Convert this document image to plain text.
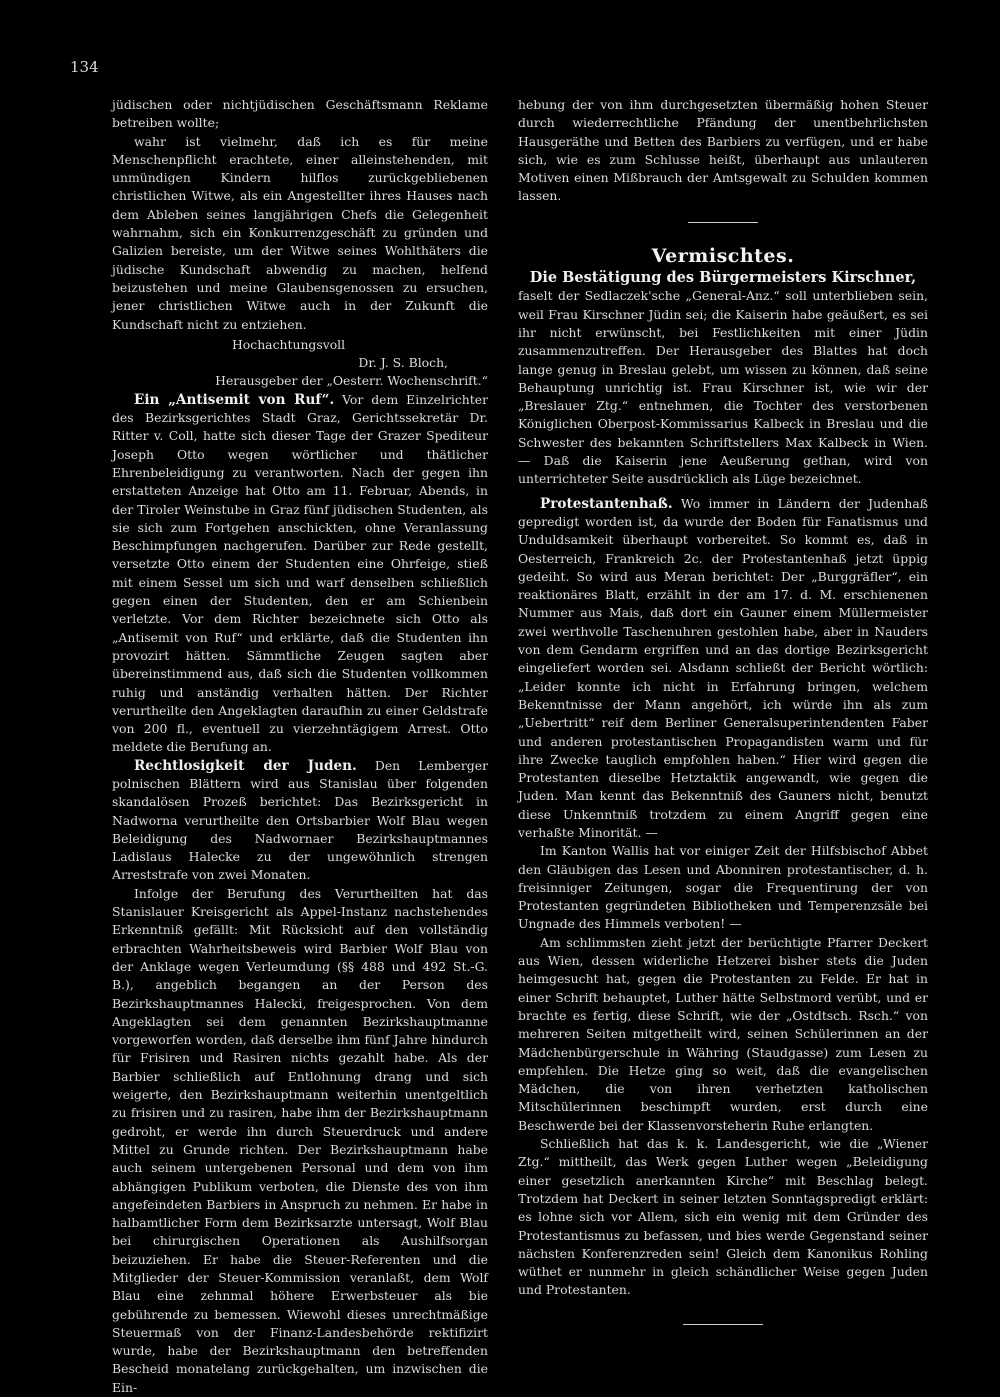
134

jüdischen oder nichtjüdischen Geschäftsmann Reklame betreiben wollte;

wahr ist vielmehr, daß ich es für meine Menschenpflicht erachtete, einer alleinstehenden, mit unmündigen Kindern hilflos zurückgebliebenen christlichen Witwe, als ein Angestellter ihres Hauses nach dem Ableben seines langjährigen Chefs die Gelegenheit wahrnahm, sich ein Konkurrenzgeschäft zu gründen und Galizien bereiste, um der Witwe seines Wohlthäters die jüdische Kundschaft abwendig zu machen, helfend beizustehen und meine Glaubensgenossen zu ersuchen, jener christlichen Witwe auch in der Zukunft die Kundschaft nicht zu entziehen.

Hochachtungsvoll
Dr. J. S. Bloch,
Herausgeber der „Oesterr. Wochenschrift.“

Ein „Antisemit von Ruf“. Vor dem Einzelrichter des Bezirksgerichtes Stadt Graz, Gerichtssekretär Dr. Ritter v. Coll, hatte sich dieser Tage der Grazer Spediteur Joseph Otto wegen wörtlicher und thätlicher Ehrenbeleidigung zu verantworten. Nach der gegen ihn erstatteten Anzeige hat Otto am 11. Februar, Abends, in der Tiroler Weinstube in Graz fünf jüdischen Studenten, als sie sich zum Fortgehen anschickten, ohne Veranlassung Beschimpfungen nachgerufen. Darüber zur Rede gestellt, versetzte Otto einem der Studenten eine Ohrfeige, stieß mit einem Sessel um sich und warf denselben schließlich gegen einen der Studenten, den er am Schienbein verletzte. Vor dem Richter bezeichnete sich Otto als „Antisemit von Ruf“ und erklärte, daß die Studenten ihn provozirt hätten. Sämmtliche Zeugen sagten aber übereinstimmend aus, daß sich die Studenten vollkommen ruhig und anständig verhalten hätten. Der Richter verurtheilte den Angeklagten daraufhin zu einer Geldstrafe von 200 fl., eventuell zu vierzehntägigem Arrest. Otto meldete die Berufung an.

Rechtlosigkeit der Juden. Den Lemberger polnischen Blättern wird aus Stanislau über folgenden skandalösen Prozeß berichtet: Das Bezirksgericht in Nadworna verurtheilte den Ortsbarbier Wolf Blau wegen Beleidigung des Nadwornaer Bezirkshauptmannes Ladislaus Halecke zu der ungewöhnlich strengen Arreststrafe von zwei Monaten.

Infolge der Berufung des Verurtheilten hat das Stanislauer Kreisgericht als Appel-Instanz nachstehendes Erkenntniß gefällt: Mit Rücksicht auf den vollständig erbrachten Wahrheitsbeweis wird Barbier Wolf Blau von der Anklage wegen Verleumdung (§§ 488 und 492 St.-G. B.), angeblich begangen an der Person des Bezirkshauptmannes Halecki, freigesprochen. Von dem Angeklagten sei dem genannten Bezirkshauptmanne vorgeworfen worden, daß derselbe ihm fünf Jahre hindurch für Frisiren und Rasiren nichts gezahlt habe. Als der Barbier schließlich auf Entlohnung drang und sich weigerte, den Bezirkshauptmann weiterhin unentgeltlich zu frisiren und zu rasiren, habe ihm der Bezirkshauptmann gedroht, er werde ihn durch Steuerdruck und andere Mittel zu Grunde richten. Der Bezirkshauptmann habe auch seinem untergebenen Personal und dem von ihm abhängigen Publikum verboten, die Dienste des von ihm angefeindeten Barbiers in Anspruch zu nehmen. Er habe in halbamtlicher Form dem Bezirksarzte untersagt, Wolf Blau bei chirurgischen Operationen als Aushilfsorgan beizuziehen. Er habe die Steuer-Referenten und die Mitglieder der Steuer-Kommission veranlaßt, dem Wolf Blau eine zehnmal höhere Erwerbsteuer als bie gebührende zu bemessen. Wiewohl dieses unrechtmäßige Steuermaß von der Finanz-Landesbehörde rektifizirt wurde, habe der Bezirkshauptmann den betreffenden Bescheid monatelang zurückgehalten, um inzwischen die Ein-

hebung der von ihm durchgesetzten übermäßig hohen Steuer durch wiederrechtliche Pfändung der unentbehrlichsten Hausgeräthe und Betten des Barbiers zu verfügen, und er habe sich, wie es zum Schlusse heißt, überhaupt aus unlauteren Motiven einen Mißbrauch der Amtsgewalt zu Schulden kommen lassen.

Vermischtes.
Die Bestätigung des Bürgermeisters Kirschner,

faselt der Sedlaczek'sche „General-Anz.“ soll unterblieben sein, weil Frau Kirschner Jüdin sei; die Kaiserin habe geäußert, es sei ihr nicht erwünscht, bei Festlichkeiten mit einer Jüdin zusammenzutreffen. Der Herausgeber des Blattes hat doch lange genug in Breslau gelebt, um wissen zu können, daß seine Behauptung unrichtig ist. Frau Kirschner ist, wie wir der „Breslauer Ztg.“ entnehmen, die Tochter des verstorbenen Königlichen Oberpost-Kommissarius Kalbeck in Breslau und die Schwester des bekannten Schriftstellers Max Kalbeck in Wien. — Daß die Kaiserin jene Aeußerung gethan, wird von unterrichteter Seite ausdrücklich als Lüge bezeichnet.

Protestantenhaß. Wo immer in Ländern der Judenhaß gepredigt worden ist, da wurde der Boden für Fanatismus und Unduldsamkeit überhaupt vorbereitet. So kommt es, daß in Oesterreich, Frankreich 2c. der Protestantenhaß jetzt üppig gedeiht. So wird aus Meran berichtet: Der „Burggräfler“, ein reaktionäres Blatt, erzählt in der am 17. d. M. erschienenen Nummer aus Mais, daß dort ein Gauner einem Müllermeister zwei werthvolle Taschenuhren gestohlen habe, aber in Nauders von dem Gendarm ergriffen und an das dortige Bezirksgericht eingeliefert worden sei. Alsdann schließt der Bericht wörtlich: „Leider konnte ich nicht in Erfahrung bringen, welchem Bekenntnisse der Mann angehört, ich würde ihn als zum „Uebertritt“ reif dem Berliner Generalsuperintendenten Faber und anderen protestantischen Propagandisten warm und für ihre Zwecke tauglich empfohlen haben.“ Hier wird gegen die Protestanten dieselbe Hetztaktik angewandt, wie gegen die Juden. Man kennt das Bekenntniß des Gauners nicht, benutzt diese Unkenntniß trotzdem zu einem Angriff gegen eine verhaßte Minorität. —

Im Kanton Wallis hat vor einiger Zeit der Hilfsbischof Abbet den Gläubigen das Lesen und Abonniren protestantischer, d. h. freisinniger Zeitungen, sogar die Frequentirung der von Protestanten gegründeten Bibliotheken und Temperenzsäle bei Ungnade des Himmels verboten! —

Am schlimmsten zieht jetzt der berüchtigte Pfarrer Deckert aus Wien, dessen widerliche Hetzerei bisher stets die Juden heimgesucht hat, gegen die Protestanten zu Felde. Er hat in einer Schrift behauptet, Luther hätte Selbstmord verübt, und er brachte es fertig, diese Schrift, wie der „Ostdtsch. Rsch.“ von mehreren Seiten mitgetheilt wird, seinen Schülerinnen an der Mädchenbürgerschule in Währing (Staudgasse) zum Lesen zu empfehlen. Die Hetze ging so weit, daß die evangelischen Mädchen, die von ihren verhetzten katholischen Mitschülerinnen beschimpft wurden, erst durch eine Beschwerde bei der Klassenvorsteherin Ruhe erlangten.

Schließlich hat das k. k. Landesgericht, wie die „Wiener Ztg.“ mittheilt, das Werk gegen Luther wegen „Beleidigung einer gesetzlich anerkannten Kirche“ mit Beschlag belegt. Trotzdem hat Deckert in seiner letzten Sonntagspredigt erklärt: es lohne sich vor Allem, sich ein wenig mit dem Gründer des Protestantismus zu befassen, und bies werde Gegenstand seiner nächsten Konferenzreden sein! Gleich dem Kanonikus Rohling wüthet er nunmehr in gleich schändlicher Weise gegen Juden und Protestanten.
